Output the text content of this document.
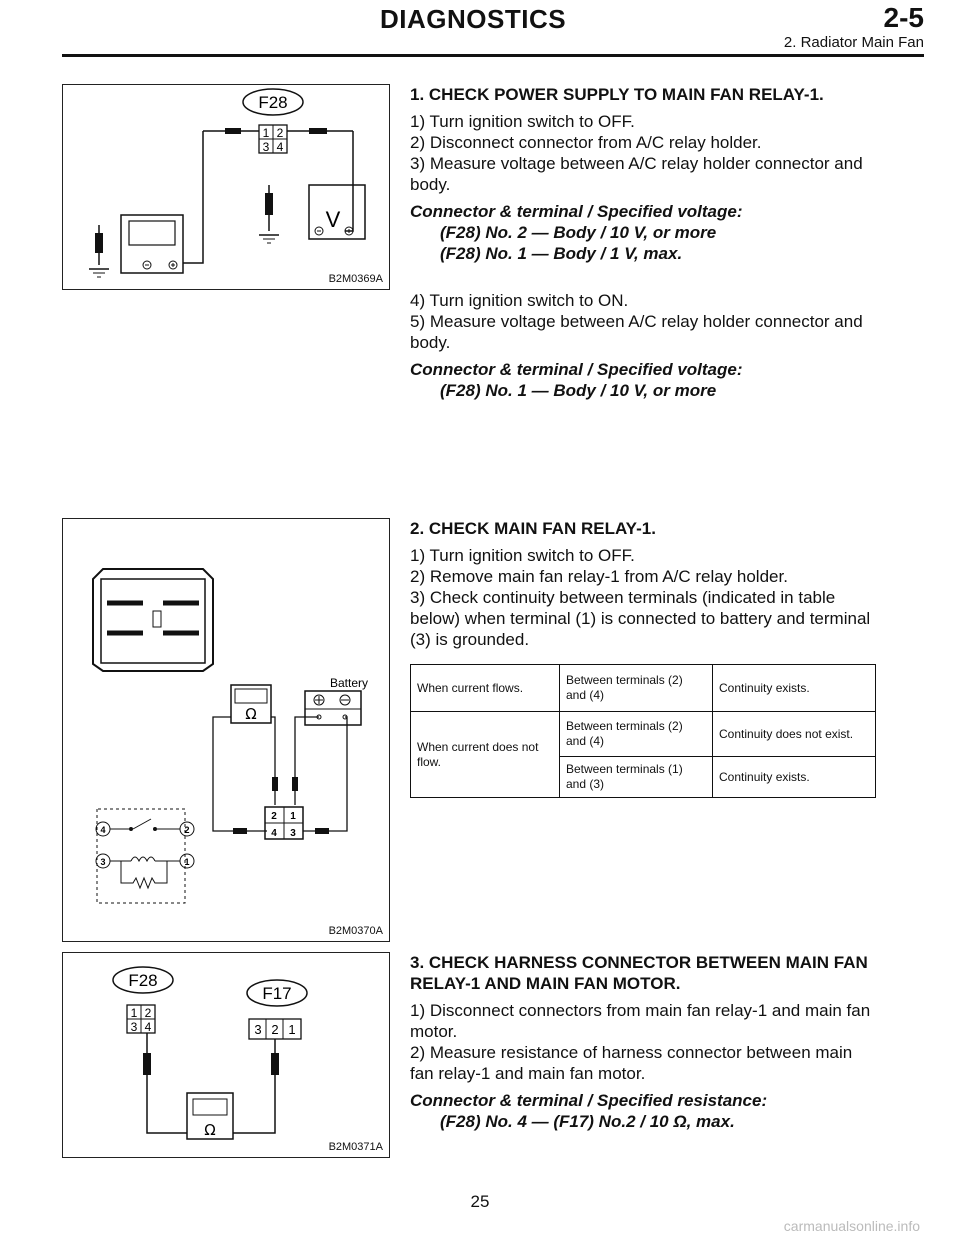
DIAGNOSTICS	2-5
2. Radiator Main Fan
F28
1 2
3 4
V
B2M0369A
Battery
Ω
2 1
4 3
4	2
3	1
B2M0370A
F28
1 2
3 4
F17
3 2 1
Ω
B2M0371A
1. CHECK POWER SUPPLY TO MAIN FAN RELAY-1.

1) Turn ignition switch to OFF.

2) Disconnect connector from A/C relay holder.

3) Measure voltage between A/C relay holder connector and body.

Connector & terminal / Specified voltage:
(F28) No. 2 — Body / 10 V, or more
(F28) No. 1 — Body / 1 V, max.

4) Turn ignition switch to ON.

5) Measure voltage between A/C relay holder connector and body.

Connector & terminal / Specified voltage:
(F28) No. 1 — Body / 10 V, or more
2. CHECK MAIN FAN RELAY-1.

1) Turn ignition switch to OFF.

2) Remove main fan relay-1 from A/C relay holder.

3) Check continuity between terminals (indicated in table below) when terminal (1) is connected to battery and terminal (3) is grounded.

When current flows.	Between terminals (2) and (4)	Continuity exists.
When current does not flow.	Between terminals (2) and (4)	Continuity does not exist.
	Between terminals (1) and (3)	Continuity exists.
3. CHECK HARNESS CONNECTOR BETWEEN MAIN FAN RELAY-1 AND MAIN FAN MOTOR.

1) Disconnect connectors from main fan relay-1 and main fan motor.

2) Measure resistance of harness connector between main fan relay-1 and main fan motor.

Connector & terminal / Specified resistance:
(F28) No. 4 — (F17) No.2 / 10 Ω, max.
25
carmanualsonline.info
